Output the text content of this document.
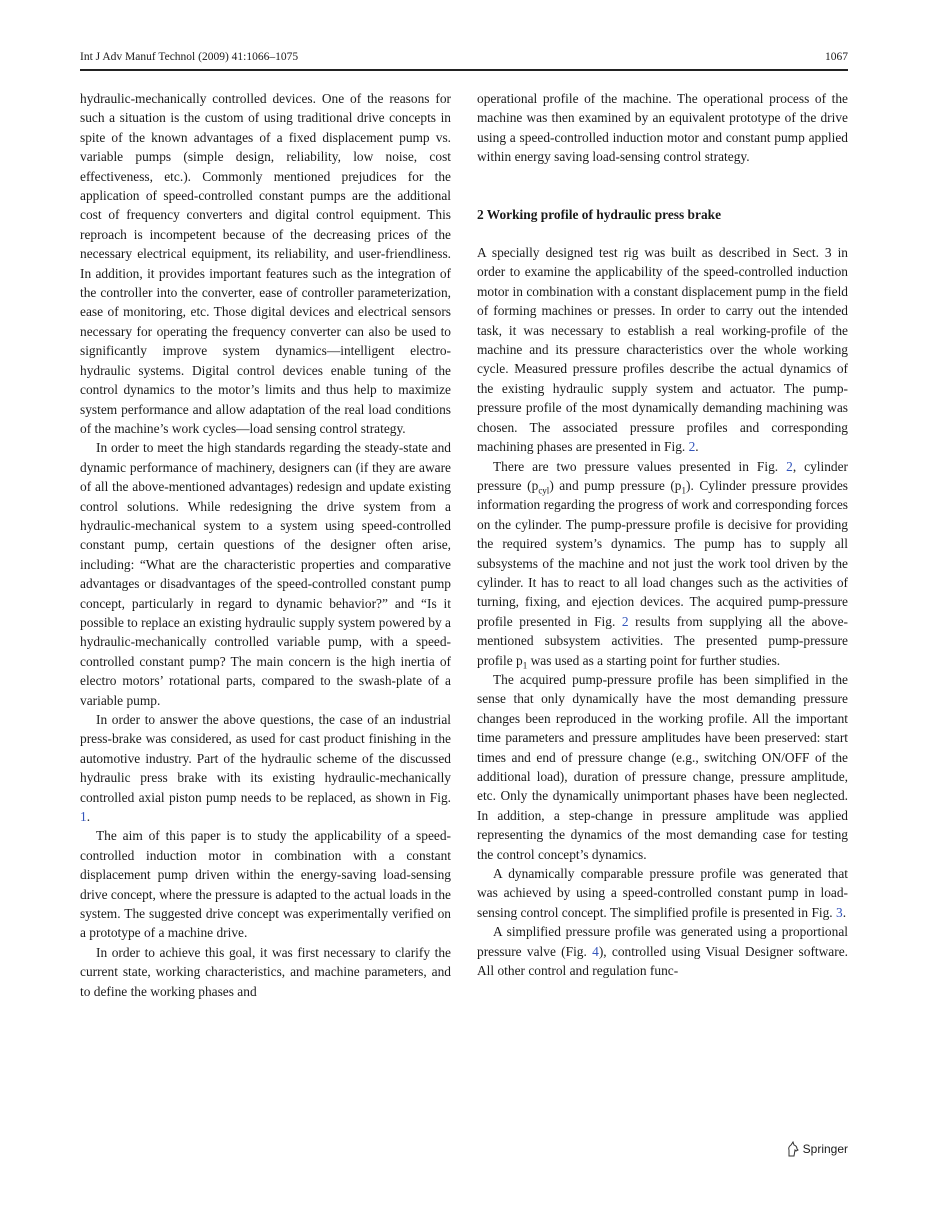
Int J Adv Manuf Technol (2009) 41:1066–1075	1067

hydraulic-mechanically controlled devices. One of the reasons for such a situation is the custom of using traditional drive concepts in spite of the known advantages of a fixed displacement pump vs. variable pumps (simple design, reliability, low noise, cost effectiveness, etc.). Commonly mentioned prejudices for the application of speed-controlled constant pumps are the additional cost of frequency converters and digital control equipment. This reproach is incompetent because of the decreasing prices of the necessary electrical equipment, its reliability, and user-friendliness. In addition, it provides important features such as the integration of the controller into the converter, ease of controller parameterization, ease of monitoring, etc. Those digital devices and electrical sensors necessary for operating the frequency converter can also be used to significantly improve system dynamics—intelligent electro-hydraulic systems. Digital control devices enable tuning of the control dynamics to the motor’s limits and thus help to maximize system performance and allow adaptation of the real load conditions of the machine’s work cycles—load sensing control strategy.

In order to meet the high standards regarding the steady-state and dynamic performance of machinery, designers can (if they are aware of all the above-mentioned advantages) redesign and update existing control solutions. While redesigning the drive system from a hydraulic-mechanical system to a system using speed-controlled constant pump, certain questions of the designer often arise, including: “What are the characteristic properties and comparative advantages or disadvantages of the speed-controlled constant pump concept, particularly in regard to dynamic behavior?” and “Is it possible to replace an existing hydraulic supply system powered by a hydraulic-mechanically controlled variable pump, with a speed-controlled constant pump? The main concern is the high inertia of electro motors’ rotational parts, compared to the swash-plate of a variable pump.

In order to answer the above questions, the case of an industrial press-brake was considered, as used for cast product finishing in the automotive industry. Part of the hydraulic scheme of the discussed hydraulic press brake with its existing hydraulic-mechanically controlled axial piston pump needs to be replaced, as shown in Fig. 1.

The aim of this paper is to study the applicability of a speed-controlled induction motor in combination with a constant displacement pump driven within the energy-saving load-sensing drive concept, where the pressure is adapted to the actual loads in the system. The suggested drive concept was experimentally verified on a prototype of a machine drive.

In order to achieve this goal, it was first necessary to clarify the current state, working characteristics, and machine parameters, and to define the working phases and

operational profile of the machine. The operational process of the machine was then examined by an equivalent prototype of the drive using a speed-controlled induction motor and constant pump applied within energy saving load-sensing control strategy.

2 Working profile of hydraulic press brake

A specially designed test rig was built as described in Sect. 3 in order to examine the applicability of the speed-controlled induction motor in combination with a constant displacement pump in the field of forming machines or presses. In order to carry out the intended task, it was necessary to establish a real working-profile of the machine and its pressure characteristics over the whole working cycle. Measured pressure profiles describe the actual dynamics of the existing hydraulic supply system and actuator. The pump-pressure profile of the most dynamically demanding machining was chosen. The associated pressure profiles and corresponding machining phases are presented in Fig. 2.

There are two pressure values presented in Fig. 2, cylinder pressure $(p_{cyl})$ and pump pressure $(p_1)$. Cylinder pressure provides information regarding the progress of work and corresponding forces on the cylinder. The pump-pressure profile is decisive for providing the required system’s dynamics. The pump has to supply all subsystems of the machine and not just the work tool driven by the cylinder. It has to react to all load changes such as the activities of turning, fixing, and ejection devices. The acquired pump-pressure profile presented in Fig. 2 results from supplying all the above-mentioned subsystem activities. The presented pump-pressure profile $p_1$ was used as a starting point for further studies.

The acquired pump-pressure profile has been simplified in the sense that only dynamically have the most demanding pressure changes been reproduced in the working profile. All the important time parameters and pressure amplitudes have been preserved: start times and end of pressure change (e.g., switching ON/OFF of the additional load), duration of pressure change, pressure amplitude, etc. Only the dynamically unimportant phases have been neglected. In addition, a step-change in pressure amplitude was applied representing the dynamics of the most demanding case for testing the control concept’s dynamics.

A dynamically comparable pressure profile was generated that was achieved by using a speed-controlled constant pump in load-sensing control concept. The simplified profile is presented in Fig. 3.

A simplified pressure profile was generated using a proportional pressure valve (Fig. 4), controlled using Visual Designer software. All other control and regulation func-

Springer
